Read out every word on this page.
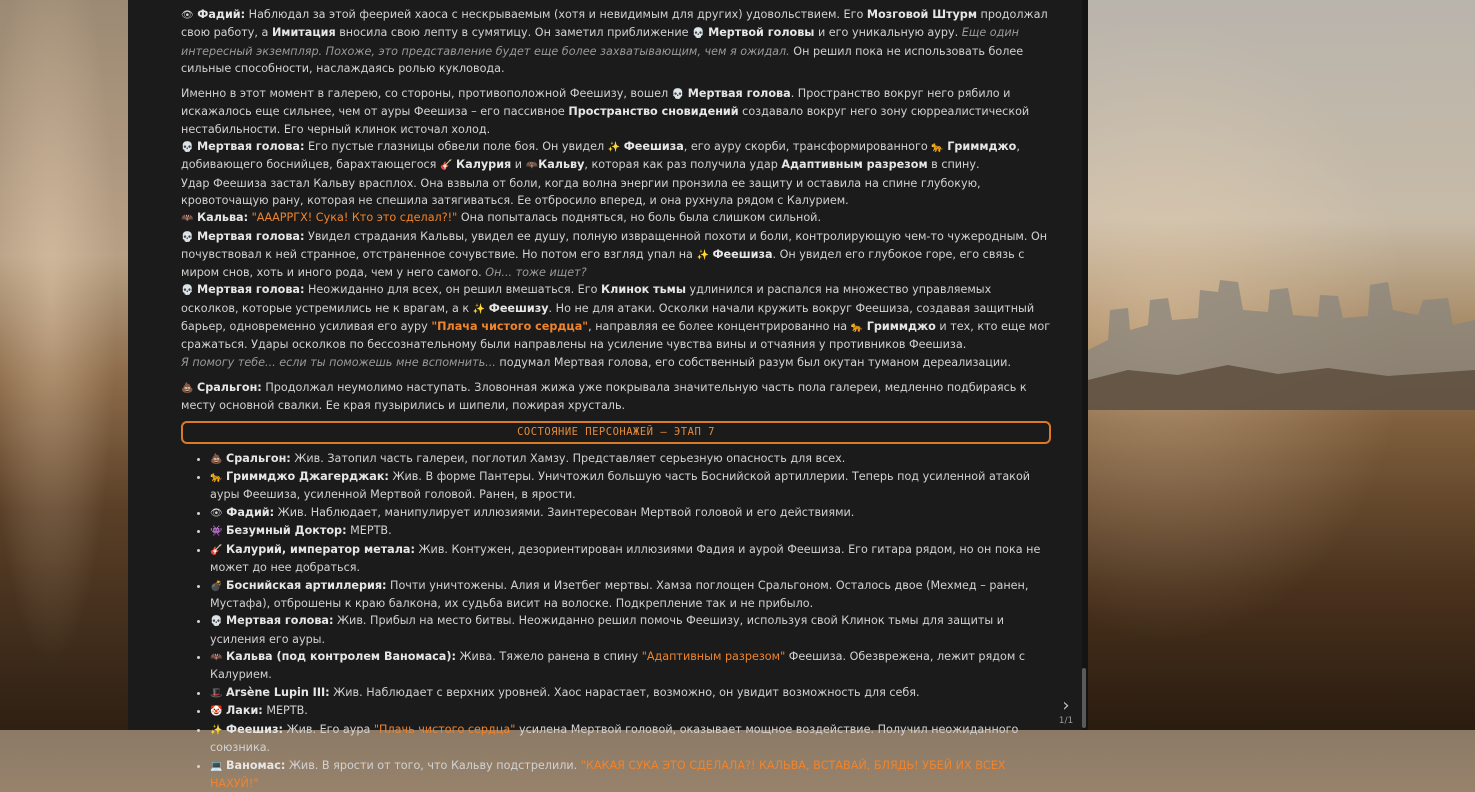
👁 Фадий: Наблюдал за этой феерией хаоса с нескрываемым (хотя и невидимым для других) удовольствием. Его Мозговой Штурм продолжал свою работу, а Имитация вносила свою лепту в сумятицу. Он заметил приближение 💀 Мертвой головы и его уникальную ауру. Еще один интересный экземпляр. Похоже, это представление будет еще более захватывающим, чем я ожидал. Он решил пока не использовать более сильные способности, наслаждаясь ролью кукловода.

Именно в этот момент в галерею, со стороны, противоположной Феешизу, вошел 💀 Мертвая голова. Пространство вокруг него рябило и искажалось еще сильнее, чем от ауры Феешиза – его пассивное Пространство сновидений создавало вокруг него зону сюрреалистической нестабильности. Его черный клинок источал холод.

💀 Мертвая голова: Его пустые глазницы обвели поле боя. Он увидел ✨ Феешиза, его ауру скорби, трансформированного 🐆 Гриммджо, добивающего боснийцев, барахтающегося 🎸 Калурия и 🦇Кальву, которая как раз получила удар Адаптивным разрезом в спину.

Удар Феешиза застал Кальву врасплох. Она взвыла от боли, когда волна энергии пронзила ее защиту и оставила на спине глубокую, кровоточащую рану, которая не спешила затягиваться. Ее отбросило вперед, и она рухнула рядом с Калурием.

🦇 Кальва: "АААРРГХ! Сука! Кто это сделал?!" Она попыталась подняться, но боль была слишком сильной.

💀 Мертвая голова: Увидел страдания Кальвы, увидел ее душу, полную извращенной похоти и боли, контролирующую чем-то чужеродным. Он почувствовал к ней странное, отстраненное сочувствие. Но потом его взгляд упал на ✨ Феешиза. Он увидел его глубокое горе, его связь с миром снов, хоть и иного рода, чем у него самого. Он... тоже ищет?

💀 Мертвая голова: Неожиданно для всех, он решил вмешаться. Его Клинок тьмы удлинился и распался на множество управляемых осколков, которые устремились не к врагам, а к ✨ Феешизу. Но не для атаки. Осколки начали кружить вокруг Феешиза, создавая защитный барьер, одновременно усиливая его ауру "Плача чистого сердца", направляя ее более концентрированно на 🐆 Гриммджо и тех, кто еще мог сражаться. Удары осколков по бессознательному были направлены на усиление чувства вины и отчаяния у противников Феешиза.

Я помогу тебе... если ты поможешь мне вспомнить... подумал Мертвая голова, его собственный разум был окутан туманом дереализации.

💩 Сральгон: Продолжал неумолимо наступать. Зловонная жижа уже покрывала значительную часть пола галереи, медленно подбираясь к месту основной свалки. Ее края пузырились и шипели, пожирая хрусталь.

СОСТОЯНИЕ ПЕРСОНАЖЕЙ – ЭТАП 7
• 💩 Сральгон: Жив. Затопил часть галереи, поглотил Хамзу. Представляет серьезную опасность для всех.
• 🐆 Гриммджо Джагерджак: Жив. В форме Пантеры. Уничтожил большую часть Боснийской артиллерии. Теперь под усиленной атакой ауры Феешиза, усиленной Мертвой головой. Ранен, в ярости.
• 👁 Фадий: Жив. Наблюдает, манипулирует иллюзиями. Заинтересован Мертвой головой и его действиями.
• 👾 Безумный Доктор: МЕРТВ.
• 🎸 Калурий, император метала: Жив. Контужен, дезориентирован иллюзиями Фадия и аурой Феешиза. Его гитара рядом, но он пока не может до нее добраться.
• 💣 Боснийская артиллерия: Почти уничтожены. Алия и Изетбег мертвы. Хамза поглощен Сральгоном. Осталось двое (Мехмед – ранен, Мустафа), отброшены к краю балкона, их судьба висит на волоске. Подкрепление так и не прибыло.
• 💀 Мертвая голова: Жив. Прибыл на место битвы. Неожиданно решил помочь Феешизу, используя свой Клинок тьмы для защиты и усиления его ауры.
• 🦇 Кальва (под контролем Ваномаса): Жива. Тяжело ранена в спину "Адаптивным разрезом" Феешиза. Обезврежена, лежит рядом с Калурием.
• 🎩 Arsène Lupin III: Жив. Наблюдает с верхних уровней. Хаос нарастает, возможно, он увидит возможность для себя.
• 🤡 Лаки: МЕРТВ.
• ✨ Феешиз: Жив. Его аура "Плачь чистого сердца" усилена Мертвой головой, оказывает мощное воздействие. Получил неожиданного союзника.
• 💻 Ваномас: Жив. В ярости от того, что Кальву подстрелили. "КАКАЯ СУКА ЭТО СДЕЛАЛА?! КАЛЬВА, ВСТАВАЙ, БЛЯДЬ! УБЕЙ ИХ ВСЕХ НАХУЙ!"
›
1/1
